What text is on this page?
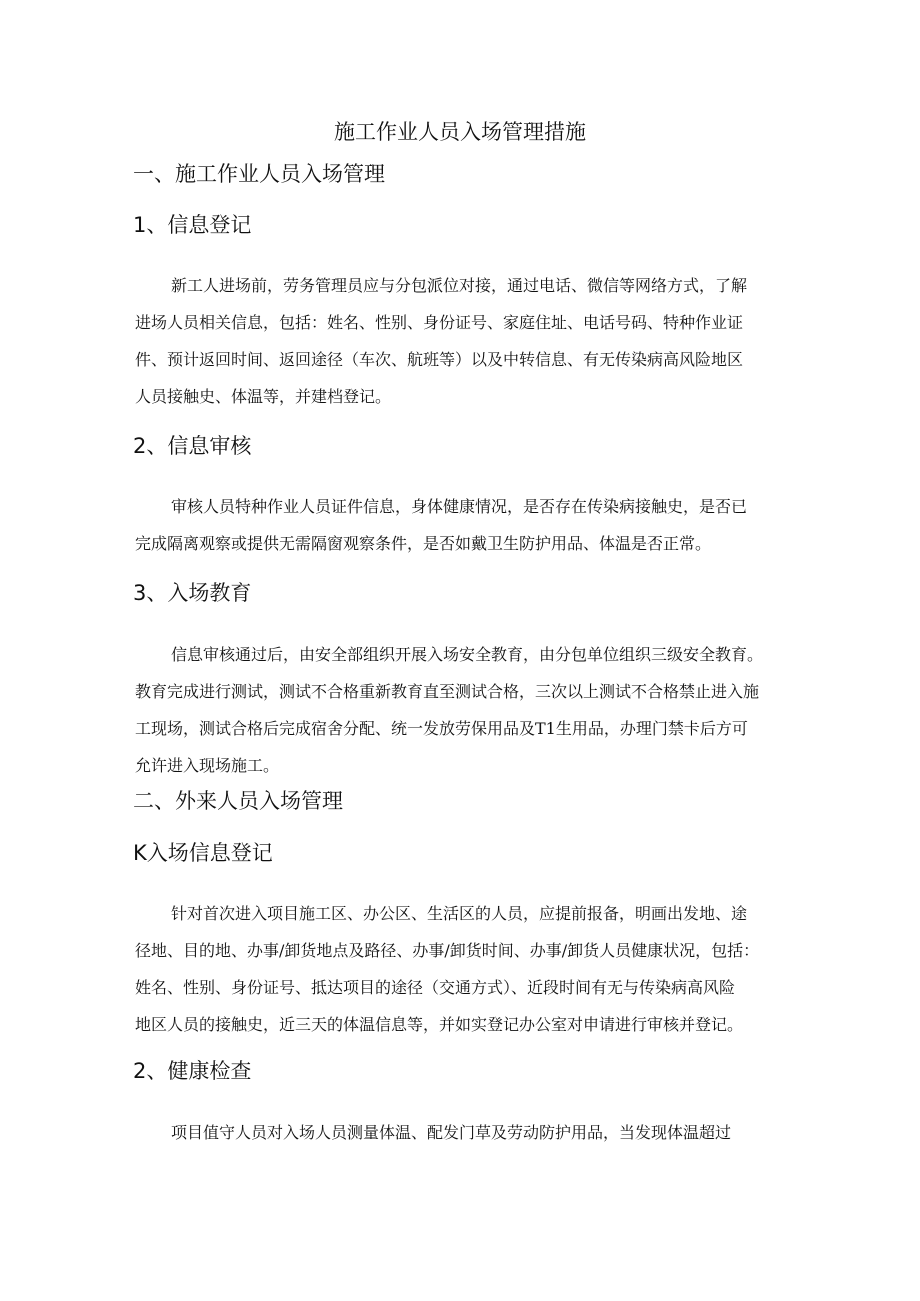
施工作业人员入场管理措施
一、施工作业人员入场管理
1、信息登记

新工人进场前，劳务管理员应与分包派位对接，通过电话、微信等网络方式，了解
进场人员相关信息，包括：姓名、性别、身份证号、家庭住址、电话号码、特种作业证
件、预计返回时间、返回途径（车次、航班等）以及中转信息、有无传染病高风险地区
人员接触史、体温等，并建档登记。

2、信息审核

审核人员特种作业人员证件信息，身体健康情况，是否存在传染病接触史，是否已
完成隔离观察或提供无需隔窗观察条件，是否如戴卫生防护用品、体温是否正常。

3、入场教育

信息审核通过后，由安全部组织开展入场安全教育，由分包单位组织三级安全教育。
教育完成进行测试，测试不合格重新教育直至测试合格，三次以上测试不合格禁止进入施
工现场，测试合格后完成宿舍分配、统一发放劳保用品及T1生用品，办理门禁卡后方可
允许进入现场施工。

二、外来人员入场管理
K入场信息登记

针对首次进入项目施工区、办公区、生活区的人员，应提前报备，明画出发地、途
径地、目的地、办事/卸货地点及路径、办事/卸货时间、办事/卸货人员健康状况，包括：
姓名、性别、身份证号、抵达项目的途径（交通方式）、近段时间有无与传染病高风险
地区人员的接触史，近三天的体温信息等，并如实登记办公室对申请进行审核并登记。

2、健康检查

项目值守人员对入场人员测量体温、配发门草及劳动防护用品，当发现体温超过
